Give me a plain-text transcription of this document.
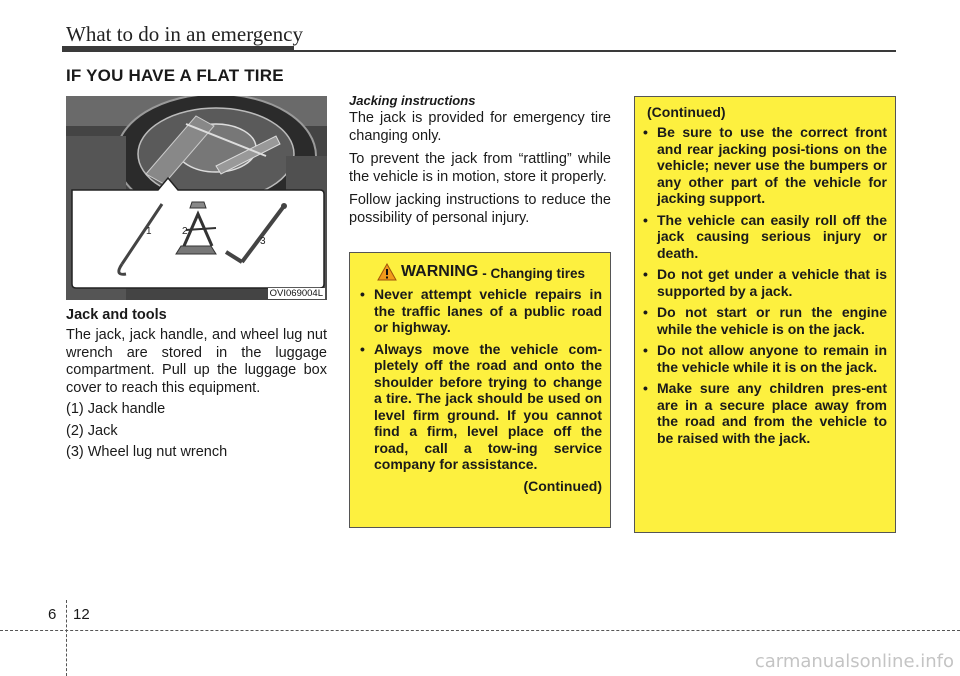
What to do in an emergency
IF YOU HAVE A FLAT TIRE
1	2
3
OVI069004L
Jack and tools
The jack, jack handle, and wheel lug nut wrench are stored in the luggage compartment. Pull up the luggage box cover to reach this equipment.
(1) Jack handle
(2) Jack
(3) Wheel lug nut wrench
Jacking instructions
The jack is provided for emergency tire changing only.
To prevent the jack from “rattling” while the vehicle is in motion, store it properly.
Follow jacking instructions to reduce the possibility of personal injury.
WARNING - Changing tires
• Never attempt vehicle repairs in the traffic lanes of a public road or highway.
• Always move the vehicle com-pletely off the road and onto the shoulder before trying to change a tire. The jack should be used on level firm ground. If you cannot find a firm, level place off the road, call a tow-ing service company for assistance.
(Continued)
(Continued)
• Be sure to use the correct front and rear jacking posi-tions on the vehicle; never use the bumpers or any other part of the vehicle for jacking support.
• The vehicle can easily roll off the jack causing serious injury or death.
• Do not get under a vehicle that is supported by a jack.
• Do not start or run the engine while the vehicle is on the jack.
• Do not allow anyone to remain in the vehicle while it is on the jack.
• Make sure any children pres-ent are in a secure place away from the road and from the vehicle to be raised with the jack.
6 12
carmanualsonline.info
